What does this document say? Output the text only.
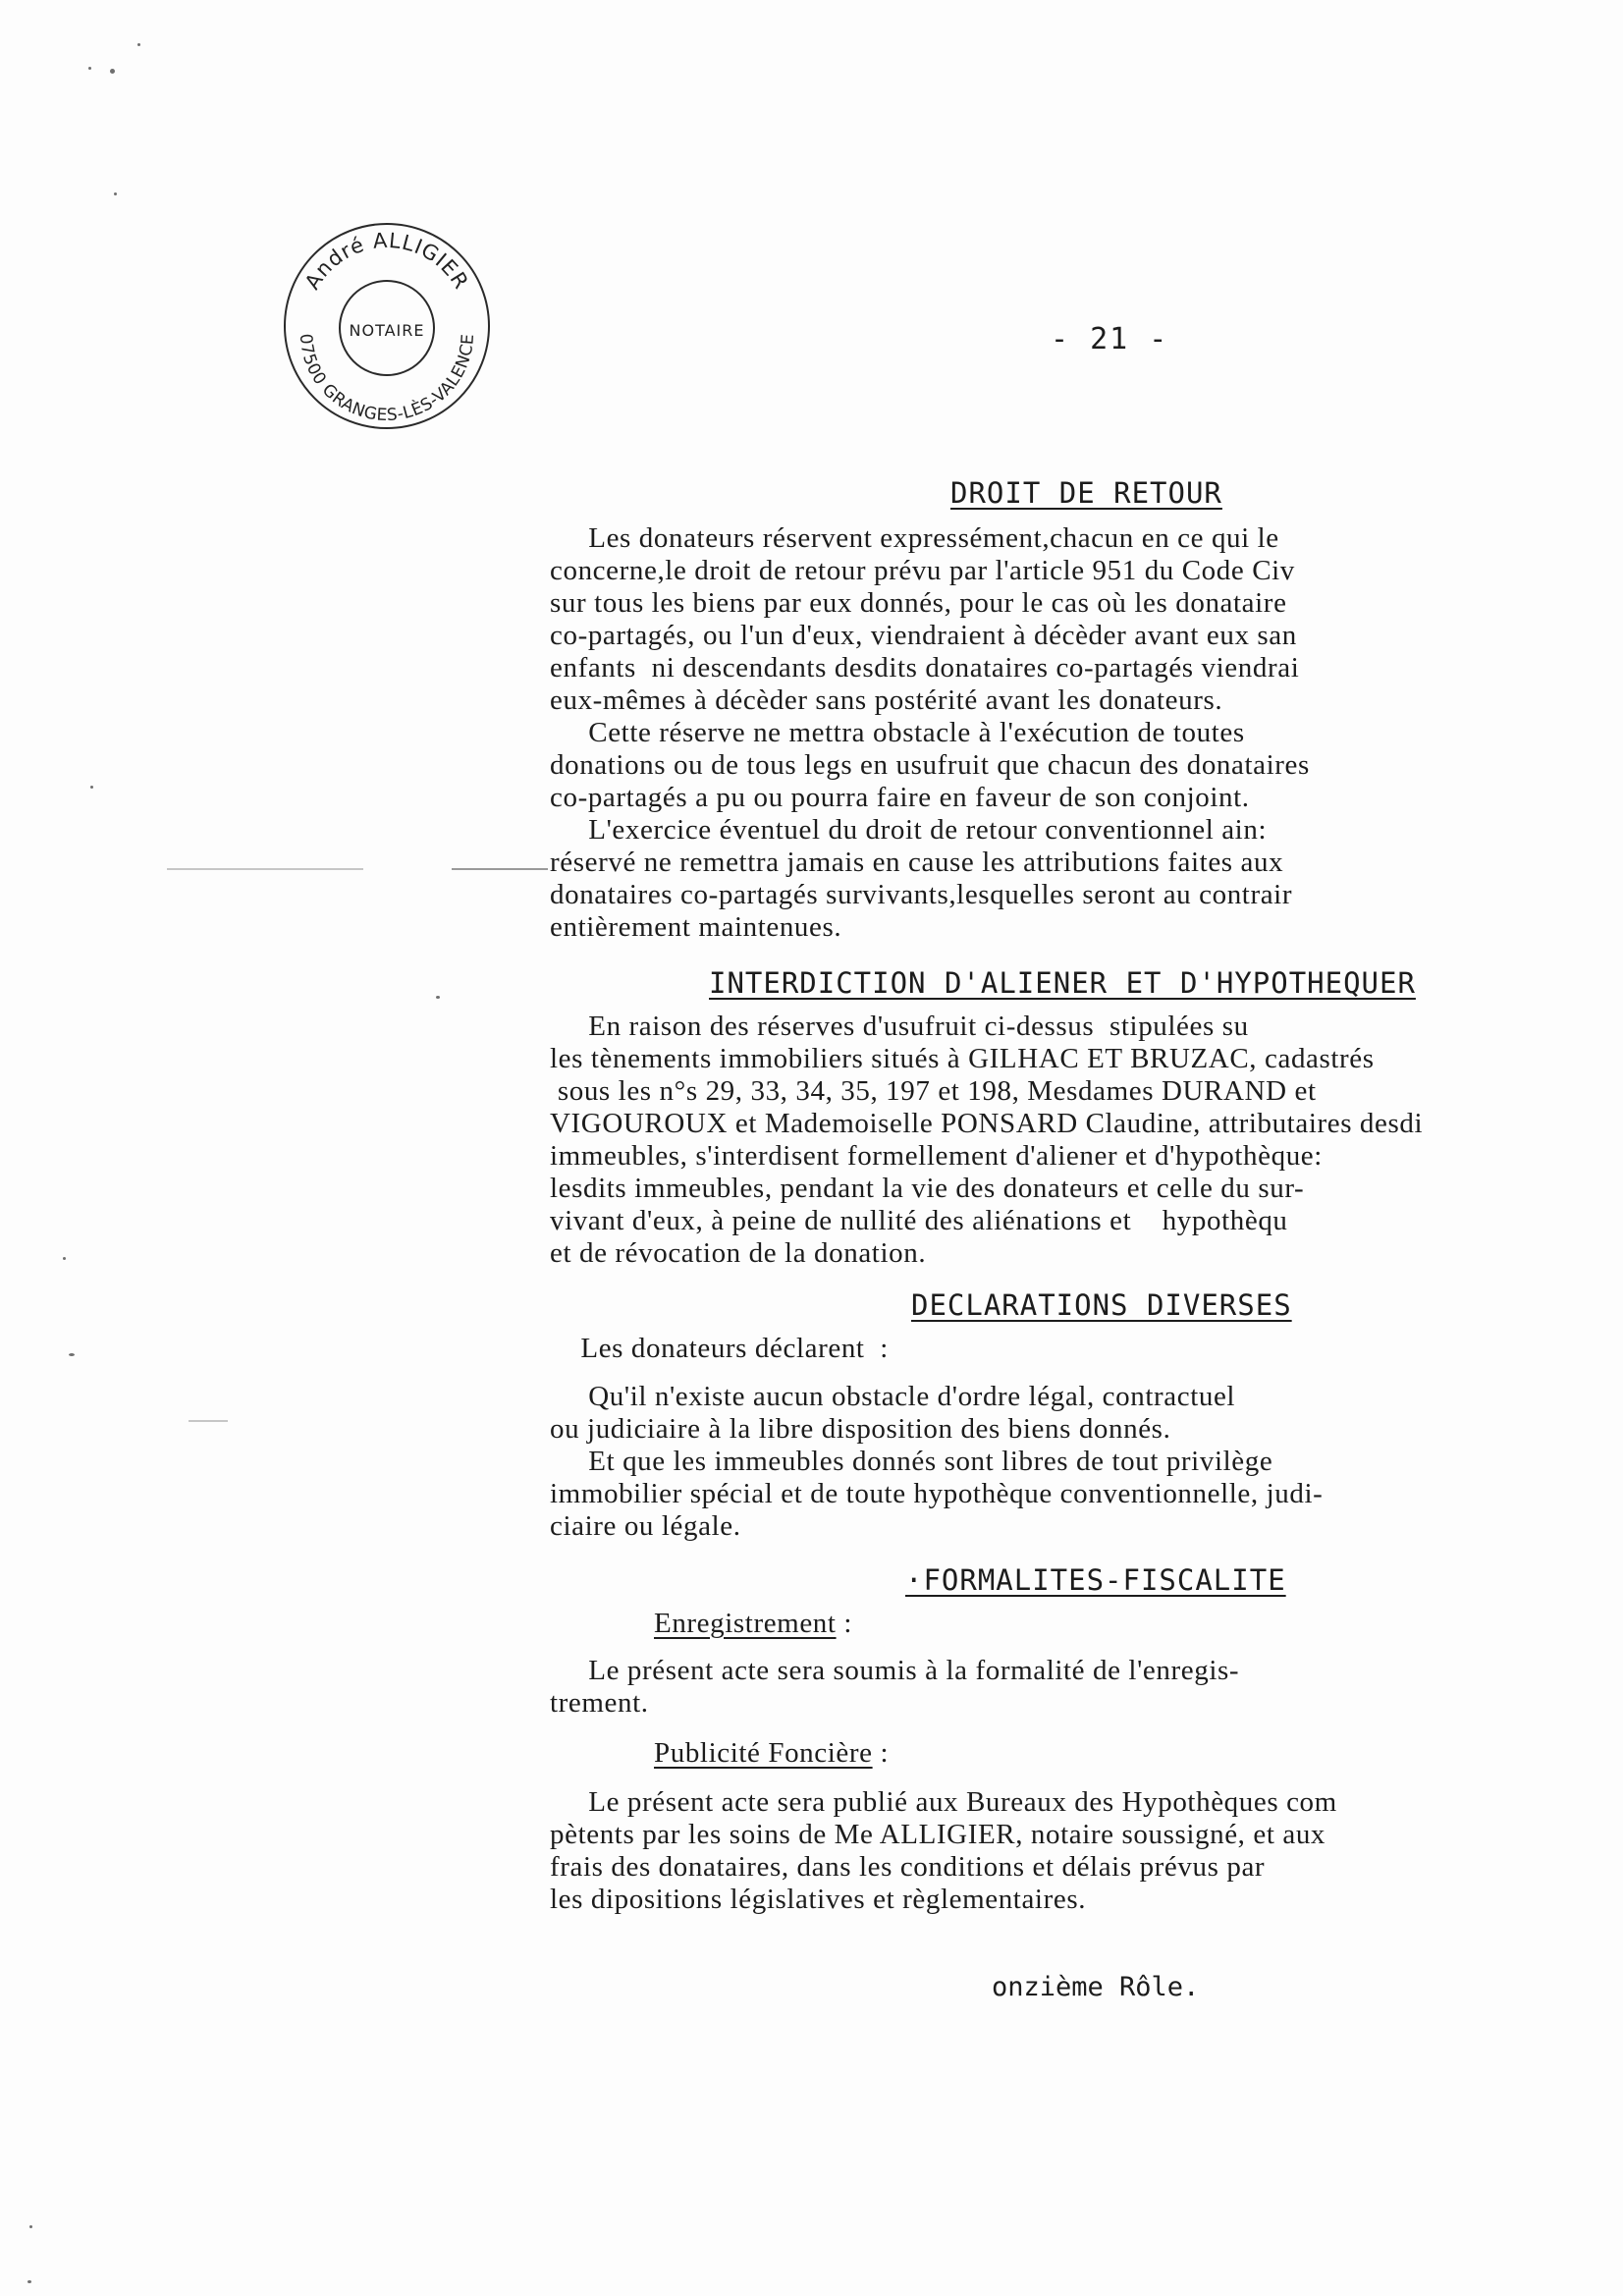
André ALLIGIER
NOTAIRE
07500 GRANGES-LÈS-VALENCE	- 21 -
DROIT DE RETOUR
Les donateurs réservent expressément,chacun en ce qui le
concerne,le droit de retour prévu par l'article 951 du Code Civ
sur tous les biens par eux donnés, pour le cas où les donataire
co-partagés, ou l'un d'eux, viendraient à décèder avant eux san
enfants  ni descendants desdits donataires co-partagés viendrai
eux-mêmes à décèder sans postérité avant les donateurs.
Cette réserve ne mettra obstacle à l'exécution de toutes
donations ou de tous legs en usufruit que chacun des donataires
co-partagés a pu ou pourra faire en faveur de son conjoint.
L'exercice éventuel du droit de retour conventionnel ain:
réservé ne remettra jamais en cause les attributions faites aux
donataires co-partagés survivants,lesquelles seront au contrair
entièrement maintenues.
INTERDICTION D'ALIENER ET D'HYPOTHEQUER
En raison des réserves d'usufruit ci-dessus  stipulées su
les tènements immobiliers situés à GILHAC ET BRUZAC, cadastrés
sous les n°s 29, 33, 34, 35, 197 et 198, Mesdames DURAND et
VIGOUROUX et Mademoiselle PONSARD Claudine, attributaires desdi
immeubles, s'interdisent formellement d'aliener et d'hypothèque:
lesdits immeubles, pendant la vie des donateurs et celle du sur-
vivant d'eux, à peine de nullité des aliénations et    hypothèqu
et de révocation de la donation.
DECLARATIONS DIVERSES
Les donateurs déclarent  :
Qu'il n'existe aucun obstacle d'ordre légal, contractuel
ou judiciaire à la libre disposition des biens donnés.
Et que les immeubles donnés sont libres de tout privilège
immobilier spécial et de toute hypothèque conventionnelle, judi-
ciaire ou légale.
·FORMALITES-FISCALITE
Enregistrement :
Le présent acte sera soumis à la formalité de l'enregis-
trement.
Publicité Foncière :
Le présent acte sera publié aux Bureaux des Hypothèques com
pètents par les soins de Me ALLIGIER, notaire soussigné, et aux
frais des donataires, dans les conditions et délais prévus par
les dipositions législatives et règlementaires.
onzième Rôle.
